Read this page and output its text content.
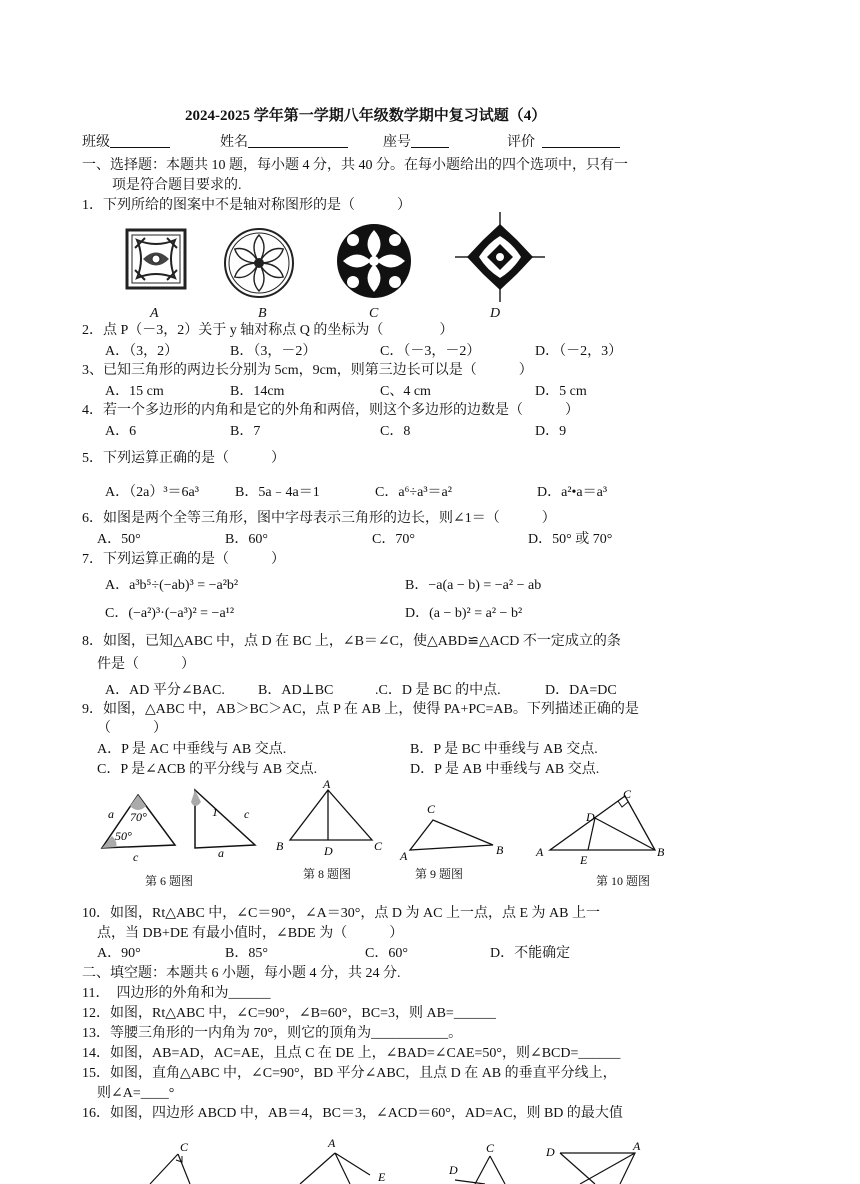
2024-2025 学年第一学期八年级数学期中复习试题（4）
班级	姓名	座号	评价
一、选择题：本题共 10 题，每小题 4 分，共 40 分。在每小题给出的四个选项中，只有一
项是符合题目要求的.
1．下列所给的图案中不是轴对称图形的是（　　　）
A	B	C	D
2．点 P（－3，2）关于 y 轴对称点 Q 的坐标为（　　　　）
A．（3，2）	B．（3，－2）	C．（－3，－2）	D．（－2，3）
3、已知三角形的两边长分别为 5cm，9cm，则第三边长可以是（　　　）
A．15 cm	B．14cm	C、4 cm	D．5 cm
4．若一个多边形的内角和是它的外角和两倍，则这个多边形的边数是（　　　）
A．6	B．7	C．8	D．9
5．下列运算正确的是（　　　）
A．（2a）³＝6a³	B．5a﹣4a＝1	C．a⁶÷a³＝a²	D．a²•a＝a³
6．如图是两个全等三角形，图中字母表示三角形的边长，则∠1＝（　　　）
A．50°	B．60°	C．70°	D．50° 或 70°
7．下列运算正确的是（　　　）
A．a³b⁵÷(−ab)³ = −a²b²	B．−a(a − b) = −a² − ab
C．(−a²)³·(−a³)² = −a¹²	D．(a − b)² = a² − b²
8．如图，已知△ABC 中，点 D 在 BC 上，∠B＝∠C，使△ABD≌△ACD 不一定成立的条
件是（　　　）
A．AD 平分∠BAC. B．AD⊥BC	.C．D 是 BC 的中点.	D．DA=DC
9．如图，△ABC 中，AB＞BC＞AC，点 P 在 AB 上，使得 PA+PC=AB。下列描述正确的是
（　　　）
A．P 是 AC 中垂线与 AB 交点.	B．P 是 BC 中垂线与 AB 交点.
C．P 是∠ACB 的平分线与 AB 交点.	D．P 是 AB 中垂线与 AB 交点.
a 70°
50°
c
1 c
a
第 6 题图
A
B	D	C
第 8 题图
C
A	B
第 9 题图
C
D
A
E
B
第 10 题图
10．如图，Rt△ABC 中，∠C＝90°，∠A＝30°，点 D 为 AC 上一点，点 E 为 AB 上一
点，当 DB+DE 有最小值时，∠BDE 为（　　　）
A．90°	B．85°	C．60°	D．不能确定
二、填空题：本题共 6 小题，每小题 4 分，共 24 分.
11．　四边形的外角和为______
12．如图，Rt△ABC 中，∠C=90°，∠B=60°，BC=3，则 AB=______
13．等腰三角形的一内角为 70°，则它的顶角为___________。
14．如图，AB=AD，AC=AE，且点 C 在 DE 上，∠BAD=∠CAE=50°，则∠BCD=______
15．如图，直角△ABC 中，∠C=90°，BD 平分∠ABC，且点 D 在 AB 的垂直平分线上，
则∠A=____°
16．如图，四边形 ABCD 中，AB＝4，BC＝3，∠ACD＝60°，AD=AC，则 BD 的最大值
C	A
E
C
D
D	A
